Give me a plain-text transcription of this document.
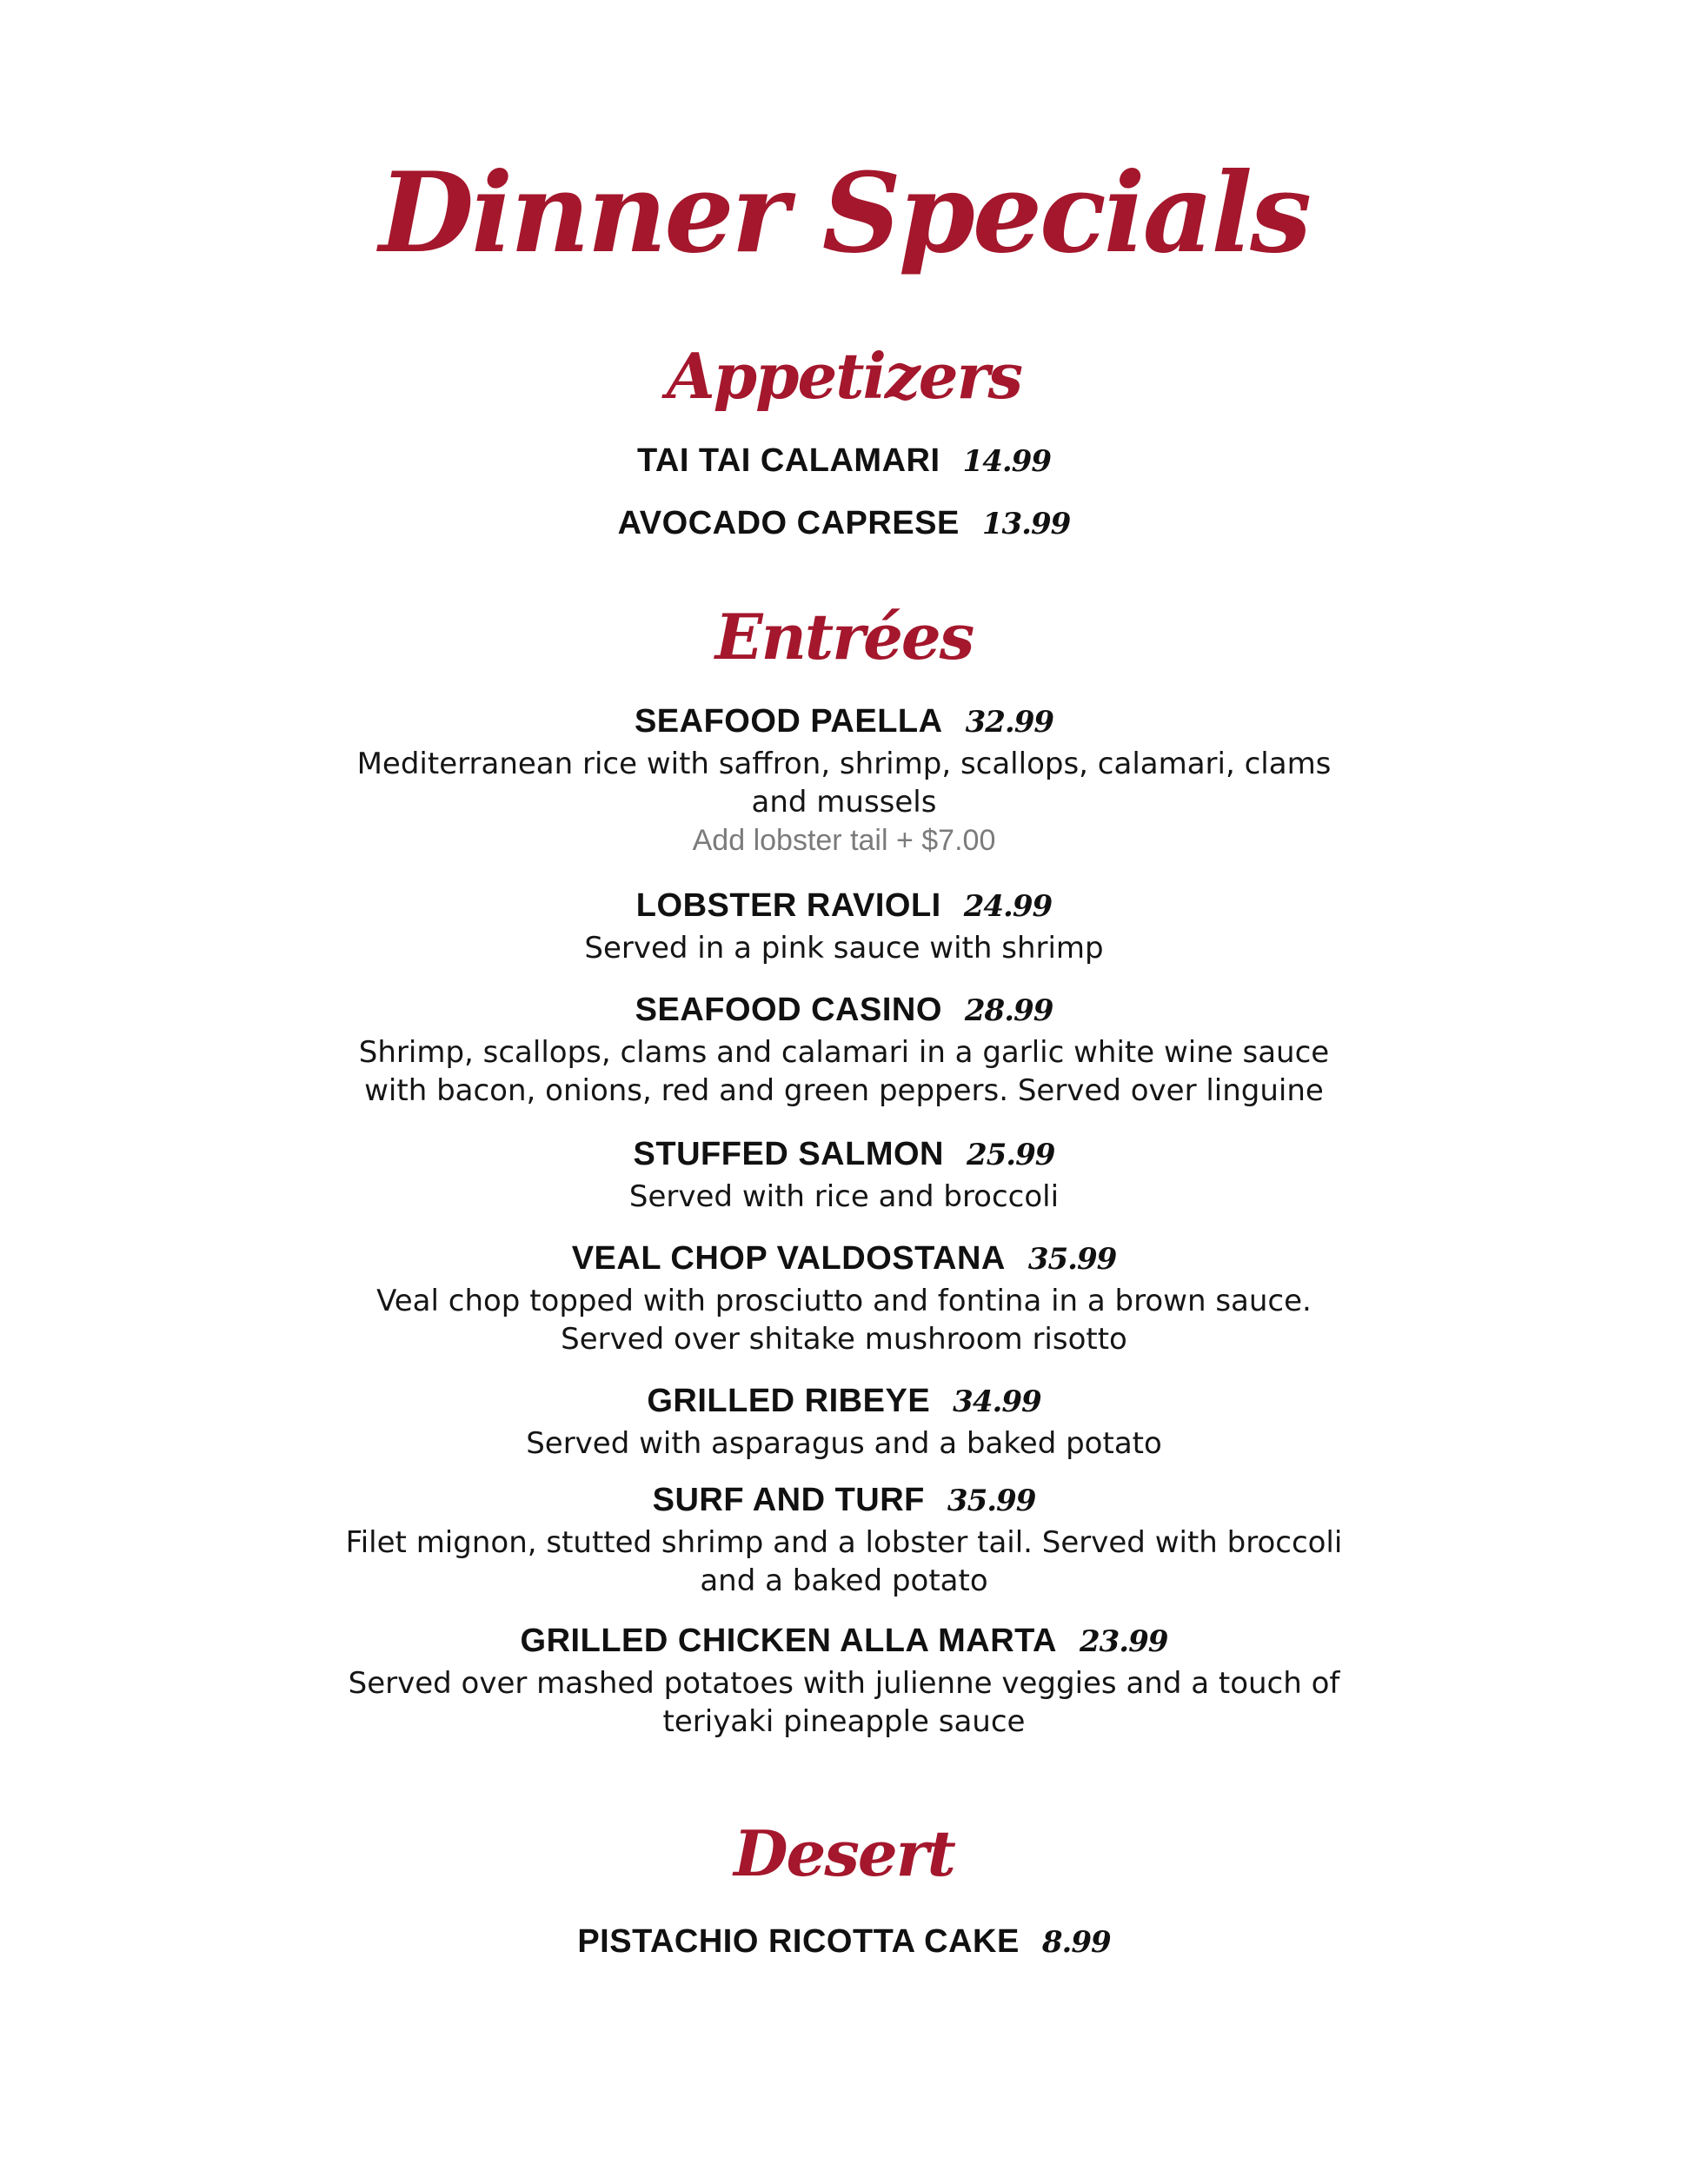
Dinner Specials
Appetizers
TAI TAI CALAMARI 14.99
AVOCADO CAPRESE 13.99
Entrées
SEAFOOD PAELLA 32.99
Mediterranean rice with saffron, shrimp, scallops, calamari, clams
and mussels
Add lobster tail + $7.00
LOBSTER RAVIOLI 24.99
Served in a pink sauce with shrimp
SEAFOOD CASINO 28.99
Shrimp, scallops, clams and calamari in a garlic white wine sauce
with bacon, onions, red and green peppers. Served over linguine
STUFFED SALMON 25.99
Served with rice and broccoli
VEAL CHOP VALDOSTANA 35.99
Veal chop topped with prosciutto and fontina in a brown sauce.
Served over shitake mushroom risotto
GRILLED RIBEYE 34.99
Served with asparagus and a baked potato
SURF AND TURF 35.99
Filet mignon, stutted shrimp and a lobster tail. Served with broccoli
and a baked potato
GRILLED CHICKEN ALLA MARTA 23.99
Served over mashed potatoes with julienne veggies and a touch of
teriyaki pineapple sauce
Desert
PISTACHIO RICOTTA CAKE 8.99
